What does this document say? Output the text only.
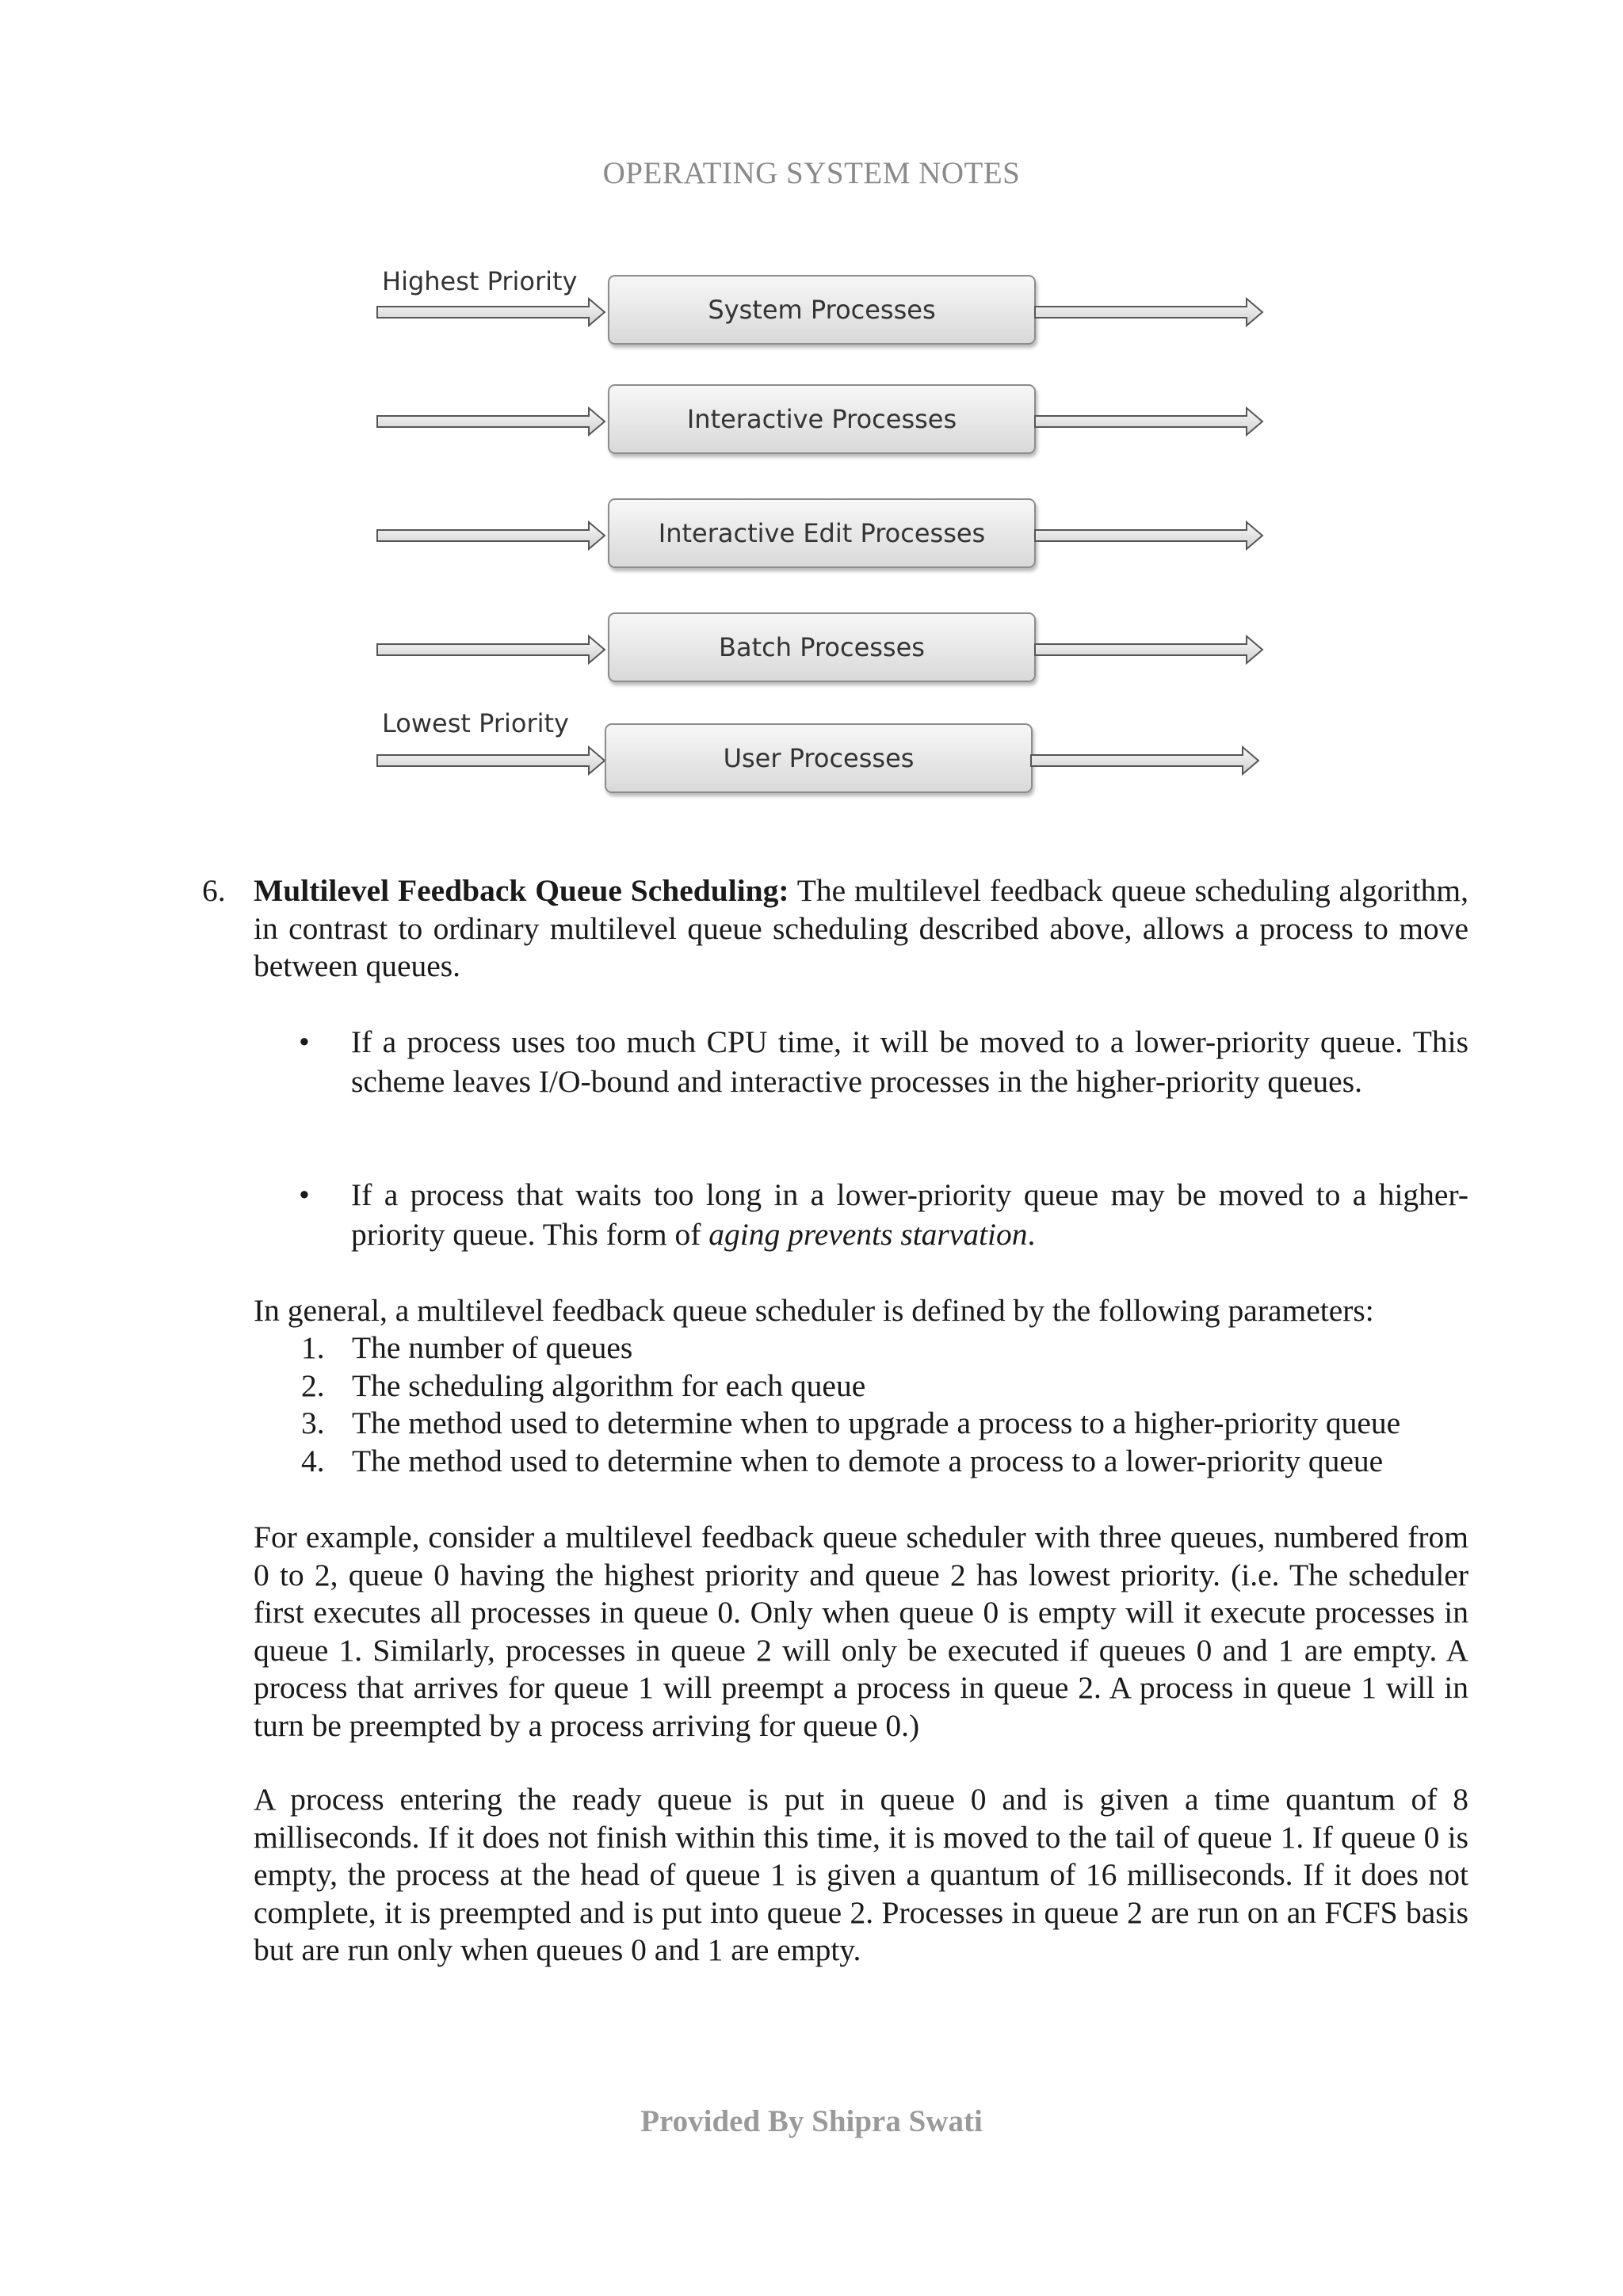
OPERATING SYSTEM NOTES
Highest Priority
Lowest Priority
System Processes
Interactive Processes
Interactive Edit Processes
Batch Processes
User Processes
6. Multilevel Feedback Queue Scheduling: The multilevel feedback queue scheduling algorithm, in contrast to ordinary multilevel queue scheduling described above, allows a process to move between queues.
• If a process uses too much CPU time, it will be moved to a lower-priority queue. This scheme leaves I/O-bound and interactive processes in the higher-priority queues.
• If a process that waits too long in a lower-priority queue may be moved to a higher-priority queue. This form of aging prevents starvation.
In general, a multilevel feedback queue scheduler is defined by the following parameters:
1. The number of queues
2. The scheduling algorithm for each queue
3. The method used to determine when to upgrade a process to a higher-priority queue
4. The method used to determine when to demote a process to a lower-priority queue
For example, consider a multilevel feedback queue scheduler with three queues, numbered from 0 to 2, queue 0 having the highest priority and queue 2 has lowest priority. (i.e. The scheduler first executes all processes in queue 0. Only when queue 0 is empty will it execute processes in queue 1. Similarly, processes in queue 2 will only be executed if queues 0 and 1 are empty. A process that arrives for queue 1 will preempt a process in queue 2. A process in queue 1 will in turn be preempted by a process arriving for queue 0.)
A process entering the ready queue is put in queue 0 and is given a time quantum of 8 milliseconds. If it does not finish within this time, it is moved to the tail of queue 1. If queue 0 is empty, the process at the head of queue 1 is given a quantum of 16 milliseconds. If it does not complete, it is preempted and is put into queue 2. Processes in queue 2 are run on an FCFS basis but are run only when queues 0 and 1 are empty.
Provided By Shipra Swati
